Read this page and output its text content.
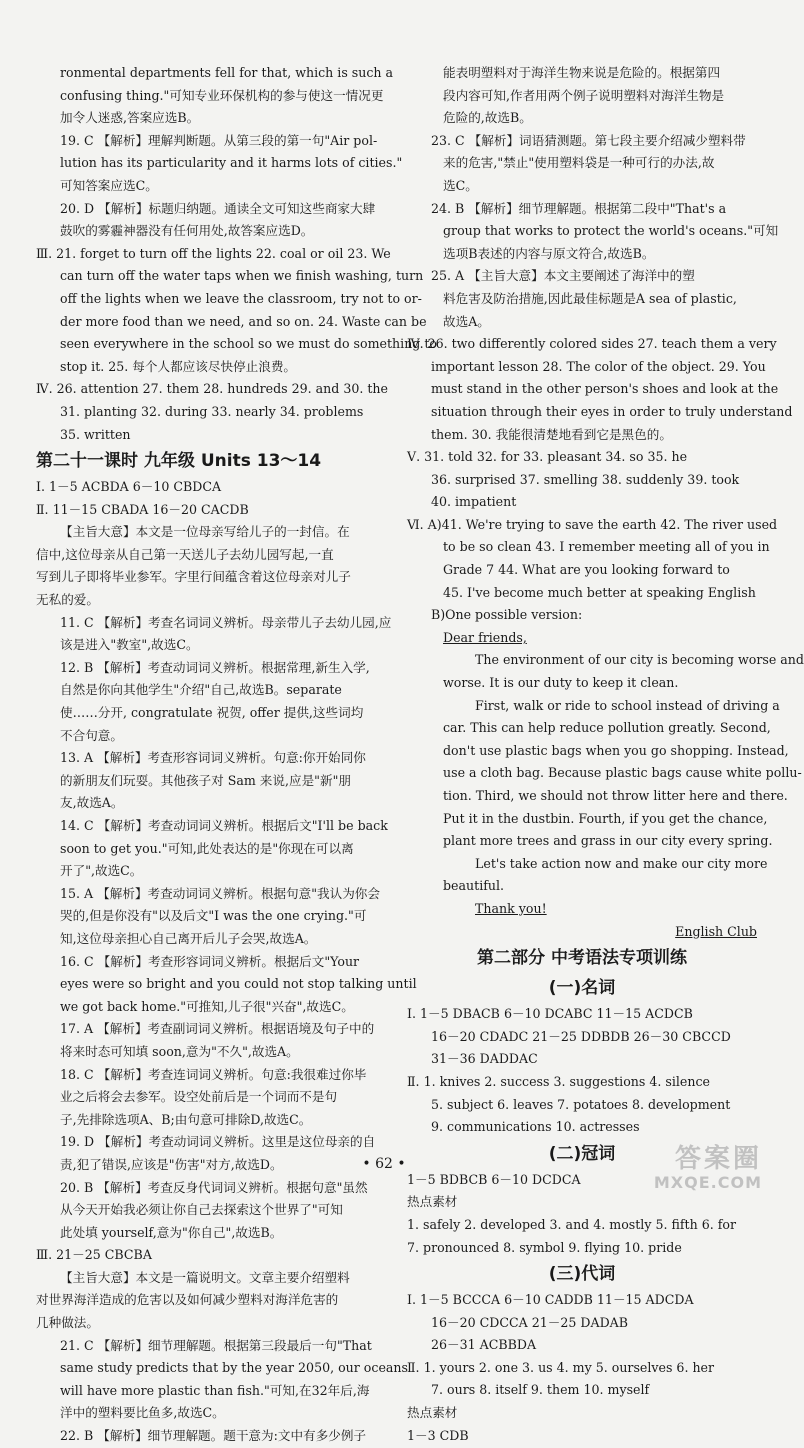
ronmental departments fell for that, which is such a
confusing thing."可知专业环保机构的参与使这一情况更
加令人迷惑,答案应选B。
19. C 【解析】理解判断题。从第三段的第一句"Air pol-
lution has its particularity and it harms lots of cities."
可知答案应选C。
20. D 【解析】标题归纳题。通读全文可知这些商家大肆
鼓吹的雾霾神器没有任何用处,故答案应选D。
Ⅲ. 21. forget to turn off the lights 22. coal or oil 23. We
can turn off the water taps when we finish washing, turn
off the lights when we leave the classroom, try not to or-
der more food than we need, and so on. 24. Waste can be
seen everywhere in the school so we must do something to
stop it. 25. 每个人都应该尽快停止浪费。
Ⅳ. 26. attention 27. them 28. hundreds 29. and 30. the
31. planting 32. during 33. nearly 34. problems
35. written
第二十一课时 九年级 Units 13～14
Ⅰ. 1－5 ACBDA 6－10 CBDCA
Ⅱ. 11－15 CBADA 16－20 CACDB
【主旨大意】本文是一位母亲写给儿子的一封信。在
信中,这位母亲从自己第一天送儿子去幼儿园写起,一直
写到儿子即将毕业参军。字里行间蕴含着这位母亲对儿子
无私的爱。
11. C 【解析】考查名词词义辨析。母亲带儿子去幼儿园,应
该是进入"教室",故选C。
12. B 【解析】考查动词词义辨析。根据常理,新生入学,
自然是你向其他学生"介绍"自己,故选B。separate
使……分开, congratulate 祝贺, offer 提供,这些词均
不合句意。
13. A 【解析】考查形容词词义辨析。句意:你开始同你
的新朋友们玩耍。其他孩子对 Sam 来说,应是"新"朋
友,故选A。
14. C 【解析】考查动词词义辨析。根据后文"I'll be back
soon to get you."可知,此处表达的是"你现在可以离
开了",故选C。
15. A 【解析】考查动词词义辨析。根据句意"我认为你会
哭的,但是你没有"以及后文"I was the one crying."可
知,这位母亲担心自己离开后儿子会哭,故选A。
16. C 【解析】考查形容词词义辨析。根据后文"Your
eyes were so bright and you could not stop talking until
we got back home."可推知,儿子很"兴奋",故选C。
17. A 【解析】考查副词词义辨析。根据语境及句子中的
将来时态可知填 soon,意为"不久",故选A。
18. C 【解析】考查连词词义辨析。句意:我很难过你毕
业之后将会去参军。设空处前后是一个词而不是句
子,先排除选项A、B;由句意可排除D,故选C。
19. D 【解析】考查动词词义辨析。这里是这位母亲的自
责,犯了错误,应该是"伤害"对方,故选D。
20. B 【解析】考查反身代词词义辨析。根据句意"虽然
从今天开始我必须让你自己去探索这个世界了"可知
此处填 yourself,意为"你自己",故选B。
Ⅲ. 21－25 CBCBA
【主旨大意】本文是一篇说明文。文章主要介绍塑料
对世界海洋造成的危害以及如何减少塑料对海洋危害的
几种做法。
21. C 【解析】细节理解题。根据第三段最后一句"That
same study predicts that by the year 2050, our oceans
will have more plastic than fish."可知,在32年后,海
洋中的塑料要比鱼多,故选C。
22. B 【解析】细节理解题。题干意为:文中有多少例子
能表明塑料对于海洋生物来说是危险的。根据第四
段内容可知,作者用两个例子说明塑料对海洋生物是
危险的,故选B。
23. C 【解析】词语猜测题。第七段主要介绍减少塑料带
来的危害,"禁止"使用塑料袋是一种可行的办法,故
选C。
24. B 【解析】细节理解题。根据第二段中"That's a
group that works to protect the world's oceans."可知
选项B表述的内容与原文符合,故选B。
25. A 【主旨大意】本文主要阐述了海洋中的塑
料危害及防治措施,因此最佳标题是A sea of plastic,
故选A。
Ⅳ. 26. two differently colored sides 27. teach them a very
important lesson 28. The color of the object. 29. You
must stand in the other person's shoes and look at the
situation through their eyes in order to truly understand
them. 30. 我能很清楚地看到它是黑色的。
Ⅴ. 31. told 32. for 33. pleasant 34. so 35. he
36. surprised 37. smelling 38. suddenly 39. took
40. impatient
Ⅵ. A)41. We're trying to save the earth 42. The river used
to be so clean 43. I remember meeting all of you in
Grade 7 44. What are you looking forward to
45. I've become much better at speaking English
B)One possible version:
Dear friends,
The environment of our city is becoming worse and
worse. It is our duty to keep it clean.
First, walk or ride to school instead of driving a
car. This can help reduce pollution greatly. Second,
don't use plastic bags when you go shopping. Instead,
use a cloth bag. Because plastic bags cause white pollu-
tion. Third, we should not throw litter here and there.
Put it in the dustbin. Fourth, if you get the chance,
plant more trees and grass in our city every spring.
Let's take action now and make our city more
beautiful.
Thank you!
English Club
第二部分 中考语法专项训练
(一)名词
Ⅰ. 1－5 DBACB 6－10 DCABC 11－15 ACDCB
16－20 CDADC 21－25 DDBDB 26－30 CBCCD
31－36 DADDAC
Ⅱ. 1. knives 2. success 3. suggestions 4. silence
5. subject 6. leaves 7. potatoes 8. development
9. communications 10. actresses
(二)冠词
1－5 BDBCB 6－10 DCDCA
热点素材
1. safely 2. developed 3. and 4. mostly 5. fifth 6. for
7. pronounced 8. symbol 9. flying 10. pride
(三)代词
Ⅰ. 1－5 BCCCA 6－10 CADDB 11－15 ADCDA
16－20 CDCCA 21－25 DADAB
26－31 ACBBDA
Ⅱ. 1. yours 2. one 3. us 4. my 5. ourselves 6. her
7. ours 8. itself 9. them 10. myself
热点素材
1－3 CDB
• 62 •	答案圈
MXQE.COM
